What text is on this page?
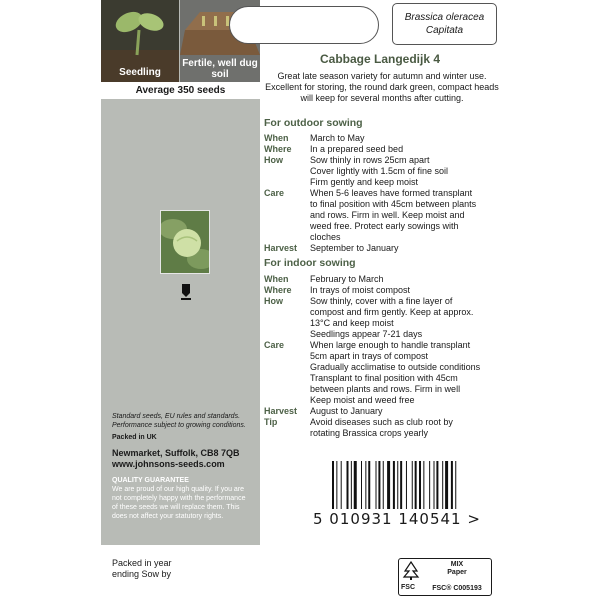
Seedling
Fertile, well dug soil
Average 350 seeds
Standard seeds, EU rules and standards. Performance subject to growing conditions.
Packed in UK
Newmarket, Suffolk, CB8 7QB
www.johnsons-seeds.com
QUALITY GUARANTEE
We are proud of our high quality. If you are not completely happy with the performance of these seeds we will replace them. This does not affect your statutory rights.
Brassica oleracea
Capitata
Cabbage Langedijk 4
Great late season variety for autumn and winter use. Excellent for storing, the round dark green, compact heads will keep for several months after cutting.
For outdoor sowing
When	March to May
Where	In a prepared seed bed
How	Sow thinly in rows 25cm apart
Cover lightly with 1.5cm of fine soil
Firm gently and keep moist
Care	When 5-6 leaves have formed transplant
to final position with 45cm between plants
and rows. Firm in well. Keep moist and
weed free. Protect early sowings with
cloches
Harvest	September to January
For indoor sowing
When	February to March
Where	In trays of moist compost
How	Sow thinly, cover with a fine layer of
compost and firm gently. Keep at approx.
13°C and keep moist
Seedlings appear 7-21 days
Care	When large enough to handle transplant
5cm apart in trays of compost
Gradually acclimatise to outside conditions
Transplant to final position with 45cm
between plants and rows. Firm in well
Keep moist and weed free
Harvest	August to January
Tip	Avoid diseases such as club root by
rotating Brassica crops yearly
5 010931 140541 >
Packed in year ending Sow by
FSC
MIX
Paper
FSC® C005193
